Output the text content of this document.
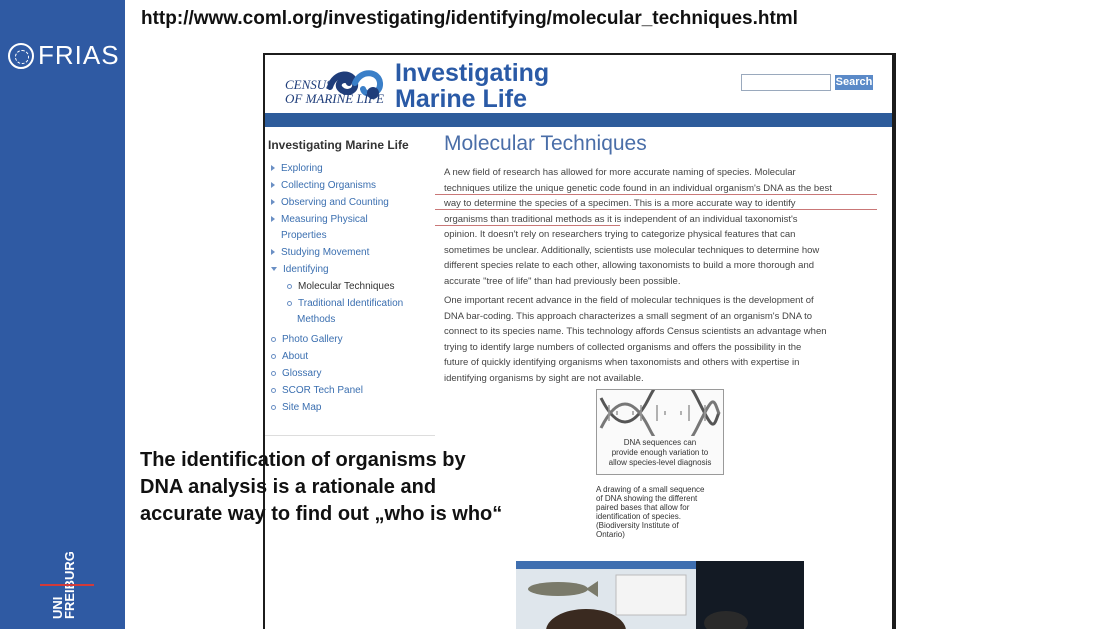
FRIAS
FREIBURG
UNI
http://www.coml.org/investigating/identifying/molecular_techniques.html
CENSUS
OF MARINE LIFE
Investigating
Marine Life
Search
Investigating Marine Life
Exploring
Collecting Organisms
Observing and Counting
Measuring Physical
Properties
Studying Movement
Identifying
Molecular Techniques
Traditional Identification
Methods
Photo Gallery
About
Glossary
SCOR Tech Panel
Site Map
Molecular Techniques
A new field of research has allowed for more accurate naming of species. Molecular
techniques utilize the unique genetic code found in an individual organism's DNA as the best
way to determine the species of a specimen. This is a more accurate way to identify
organisms than traditional methods as it is independent of an individual taxonomist's
opinion. It doesn't rely on researchers trying to categorize physical features that can
sometimes be unclear. Additionally, scientists use molecular techniques to determine how
different species relate to each other, allowing taxonomists to build a more thorough and
accurate "tree of life" than had previously been possible.
One important recent advance in the field of molecular techniques is the development of
DNA bar-coding. This approach characterizes a small segment of an organism's DNA to
connect to its species name. This technology affords Census scientists an advantage when
trying to identify large numbers of collected organisms and offers the possibility in the
future of quickly identifying organisms when taxonomists and others with expertise in
identifying organisms by sight are not available.
DNA sequences can
provide enough variation to
allow species-level diagnosis
A drawing of a small sequence
of DNA showing the different
paired bases that allow for
identification of species.
(Biodiversity Institute of
Ontario)
The identification of organisms by
DNA analysis is a rationale and
accurate way to find out „who is who“
